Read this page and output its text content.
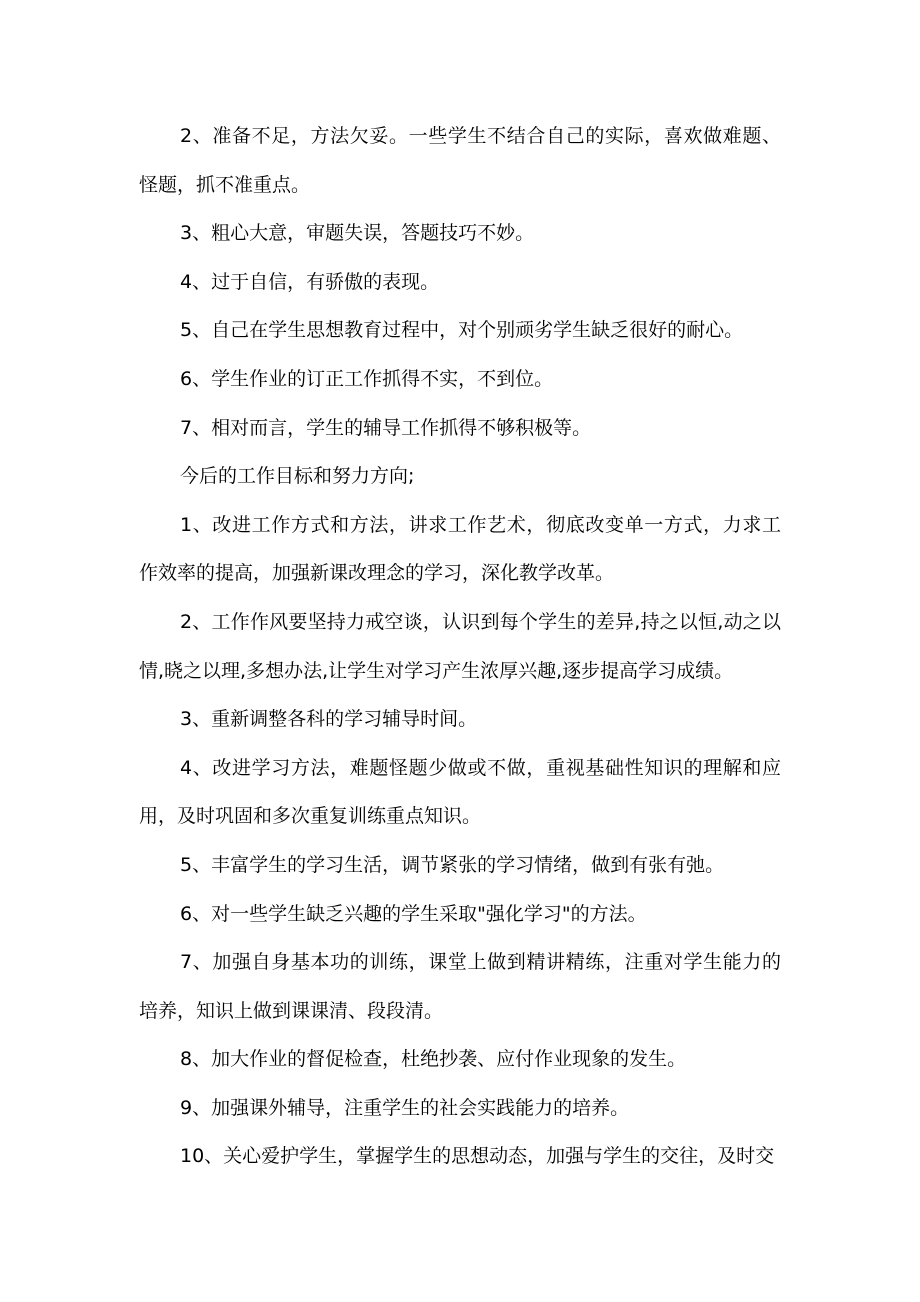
2、准备不足，方法欠妥。一些学生不结合自己的实际，喜欢做难题、怪题，抓不准重点。

3、粗心大意，审题失误，答题技巧不妙。

4、过于自信，有骄傲的表现。

5、自己在学生思想教育过程中，对个别顽劣学生缺乏很好的耐心。

6、学生作业的订正工作抓得不实，不到位。

7、相对而言，学生的辅导工作抓得不够积极等。

今后的工作目标和努力方向;

1、改进工作方式和方法，讲求工作艺术，彻底改变单一方式，力求工作效率的提高，加强新课改理念的学习，深化教学改革。

2、工作作风要坚持力戒空谈，认识到每个学生的差异,持之以恒,动之以情,晓之以理,多想办法,让学生对学习产生浓厚兴趣,逐步提高学习成绩。

3、重新调整各科的学习辅导时间。

4、改进学习方法，难题怪题少做或不做，重视基础性知识的理解和应用，及时巩固和多次重复训练重点知识。

5、丰富学生的学习生活，调节紧张的学习情绪，做到有张有弛。

6、对一些学生缺乏兴趣的学生采取"强化学习"的方法。

7、加强自身基本功的训练，课堂上做到精讲精练，注重对学生能力的培养，知识上做到课课清、段段清。

8、加大作业的督促检查，杜绝抄袭、应付作业现象的发生。

9、加强课外辅导，注重学生的社会实践能力的培养。

10、关心爱护学生，掌握学生的思想动态，加强与学生的交往，及时交
